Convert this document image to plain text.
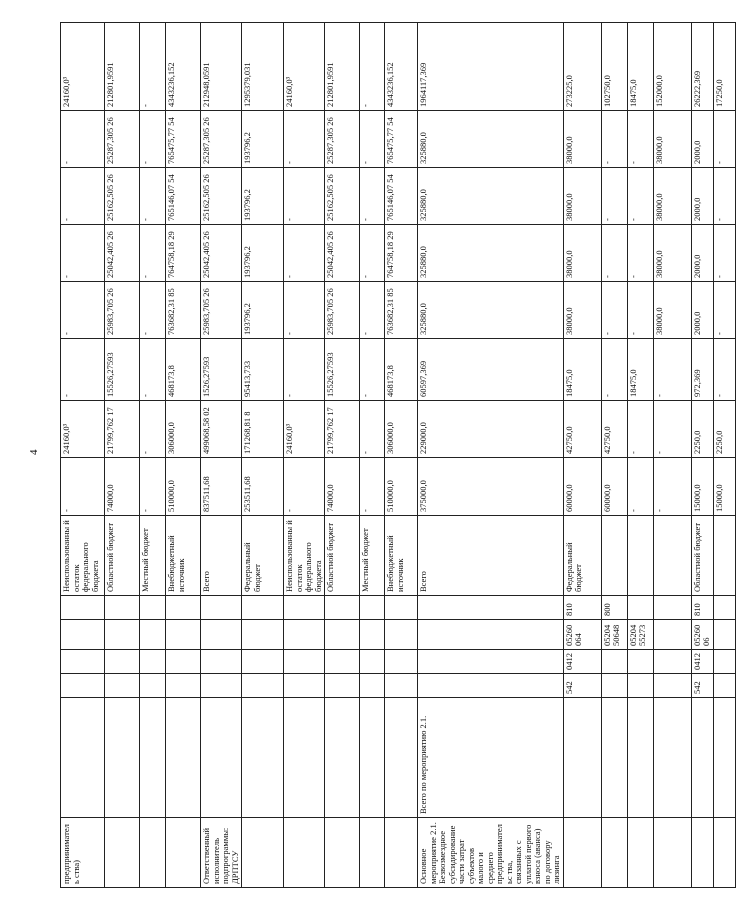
4
предприниматель ства)						Неиспользованны й остаток федерального бюджета	-	24160,0³	-	-	-	-	-	24160,0³
						Областной бюджет	74000,0	21799,762 17	15526,27593	25983,705 26	25042,405 26	25162,505 26	25287,305 26	212801,9591
						Местный бюджет	-	-	-	-	-	-	-	-
						Внебюджетный источник	510000,0	306000,0	468173,8	763682,31 85	764758,18 29	765146,07 54	765475,77 54	4343236,152
Ответственный исполнитель подпрограммы: ДРПТСУ						Всего	837511,68	499068,58 02	1526,27593	25983,705 26	25042,405 26	25162,505 26	25287,305 26	212948,0591
						Федеральный бюджет	253511,68	171268,81 8	95413,733	193796,2	193796,2	193796,2	193796,2	1295379,031
						Неиспользованны й остаток федерального бюджета	-	24160,0³	-	-	-	-	-	24160,0³
						Областной бюджет	74000,0	21799,762 17	15526,27593	25983,705 26	25042,405 26	25162,505 26	25287,305 26	212801,9591
						Местный бюджет	-	-	-	-	-	-	-	-
						Внебюджетный источник	510000,0	306000,0	468173,8	763682,31 85	764758,18 29	765146,07 54	765475,77 54	4343236,152
Основное мероприятие 2.1. Безвозмездное субсидирование части затрат субъектов малого и среднего предпринимательс тва, связанных с уплатой первого взноса (аванса) по договору лизинга	Всего по мероприятию 2.1.					Всего	375000,0	229000,0	60597,369	325880,0	325880,0	325880,0	325880,0	1964117,369
		542	0412	05260 064	810	Федеральный бюджет	60000,0	42750,0	18475,0	38000,0	38000,0	38000,0	38000,0	273225,0
				05204 50648	800		60000,0	42750,0	-	-	-	-	-	102750,0
				05204 55273			-	-	18475,0	-	-	-	-	18475,0
							-	-	-	38000,0	38000,0	38000,0	38000,0	152000,0
		542	0412	05260 06	810	Областной бюджет	15000,0	2250,0	972,369	2000,0	2000,0	2000,0	2000,0	26222,369
							15000,0	2250,0	-	-	-	-	-	17250,0
